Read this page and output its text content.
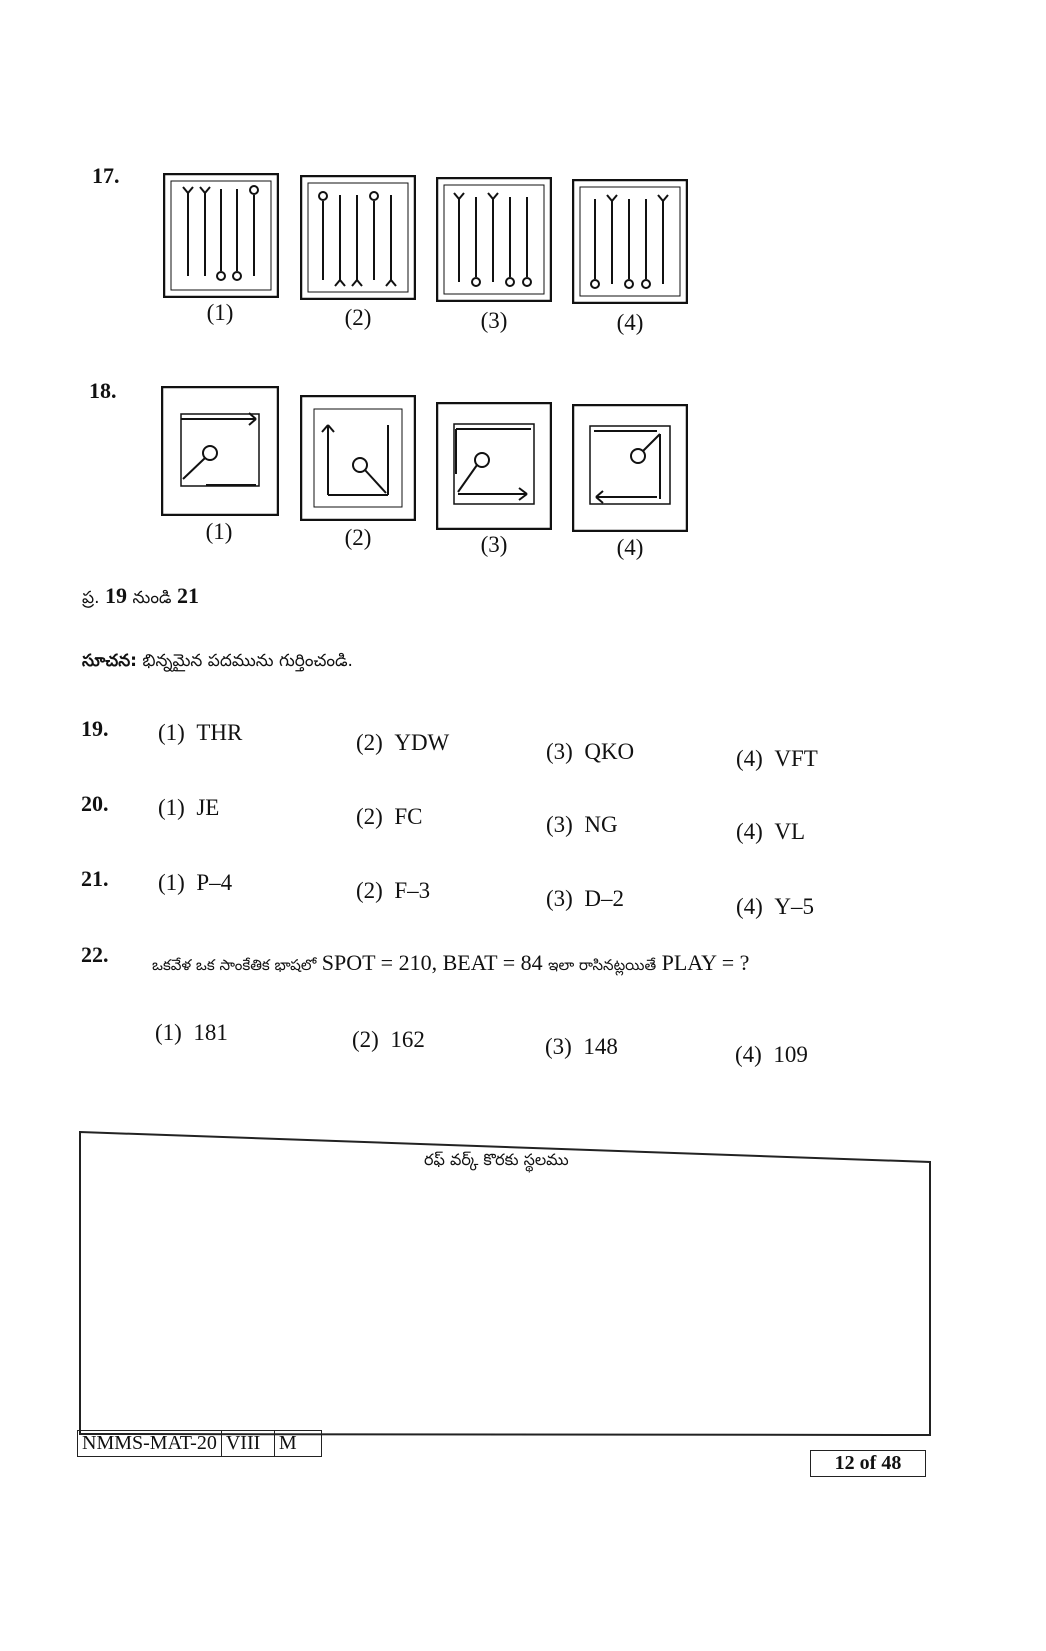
17.
(1)	(2)	(3)	(4)
18.
(1)	(2)	(3)	(4)
ప్ర. 19 నుండి 21
సూచన: భిన్నమైన పదమును గుర్తించండి.
19. (1) THR	(2) YDW	(3) QKO	(4) VFT
20. (1) JE	(2) FC	(3) NG	(4) VL
21. (1) P–4	(2) F–3	(3) D–2	(4) Y–5
22.	ఒకవేళ ఒక సాంకేతిక భాషలో SPOT = 210, BEAT = 84 ఇలా రాసినట్లయితే PLAY = ?
(1) 181	(2) 162	(3) 148	(4) 109
రఫ్ వర్క్ కొరకు స్థలము
NMMS-MAT-20 VIII M
12 of 48
